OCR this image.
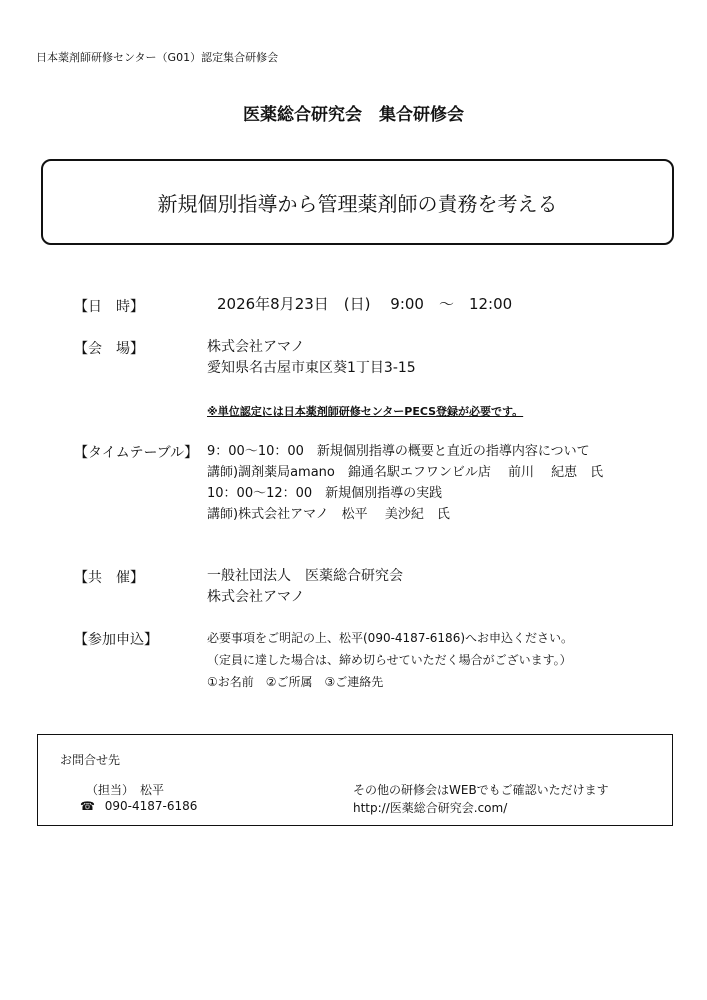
日本薬剤師研修センター（G01）認定集合研修会
医薬総合研究会　集合研修会
新規個別指導から管理薬剤師の責務を考える
【日　時】	2026年8月23日　(日)　 9:00　～　12:00
【会　場】	株式会社アマノ
愛知県名古屋市東区葵1丁目3-15
※単位認定には日本薬剤師研修センターPECS登録が必要です。
【タイムテーブル】 9：00～10：00　新規個別指導の概要と直近の指導内容について
講師)調剤薬局amano　錦通名駅エフワンビル店　 前川　 紀恵　氏
10：00～12：00　新規個別指導の実践
講師)株式会社アマノ　松平　 美沙紀　氏
【共　催】	一般社団法人　医薬総合研究会
株式会社アマノ
【参加申込】	必要事項をご明記の上、松平(090-4187-6186)へお申込ください。
（定員に達した場合は、締め切らせていただく場合がございます。）
①お名前　②ご所属　③ご連絡先
お問合せ先
（担当）　松平
☎ 090-4187-6186
その他の研修会はWEBでもご確認いただけます
http://医薬総合研究会.com/
